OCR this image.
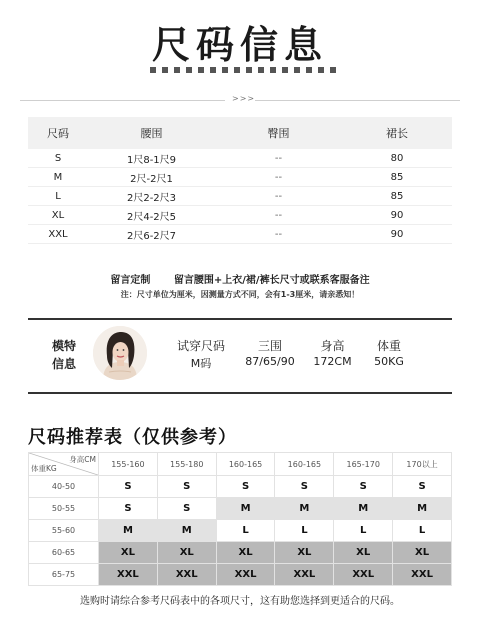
尺码信息
>>>
尺码	腰围	臀围	裙长
S	1尺8-1尺9	--	80
M	2尺-2尺1	--	85
L	2尺2-2尺3	--	85
XL	2尺4-2尺5	--	90
XXL	2尺6-2尺7	--	90
留言定制 留言腰围+上衣/裙/裤长尺寸或联系客服备注
注：尺寸单位为厘米，因测量方式不同，会有1-3厘米，请亲悉知！
模特
信息
试穿尺码
M码
三围
87/65/90
身高
172CM
体重
50KG
尺码推荐表（仅供参考）
身高CM
体重KG	155-160	155-180	160-165	160-165	165-170	170以上
40-50	S	S	S	S	S	S
50-55	S	S	M	M	M	M
55-60	M	M	L	L	L	L
60-65	XL	XL	XL	XL	XL	XL
65-75	XXL	XXL	XXL	XXL	XXL	XXL
选购时请综合参考尺码表中的各项尺寸，这有助您选择到更适合的尺码。
